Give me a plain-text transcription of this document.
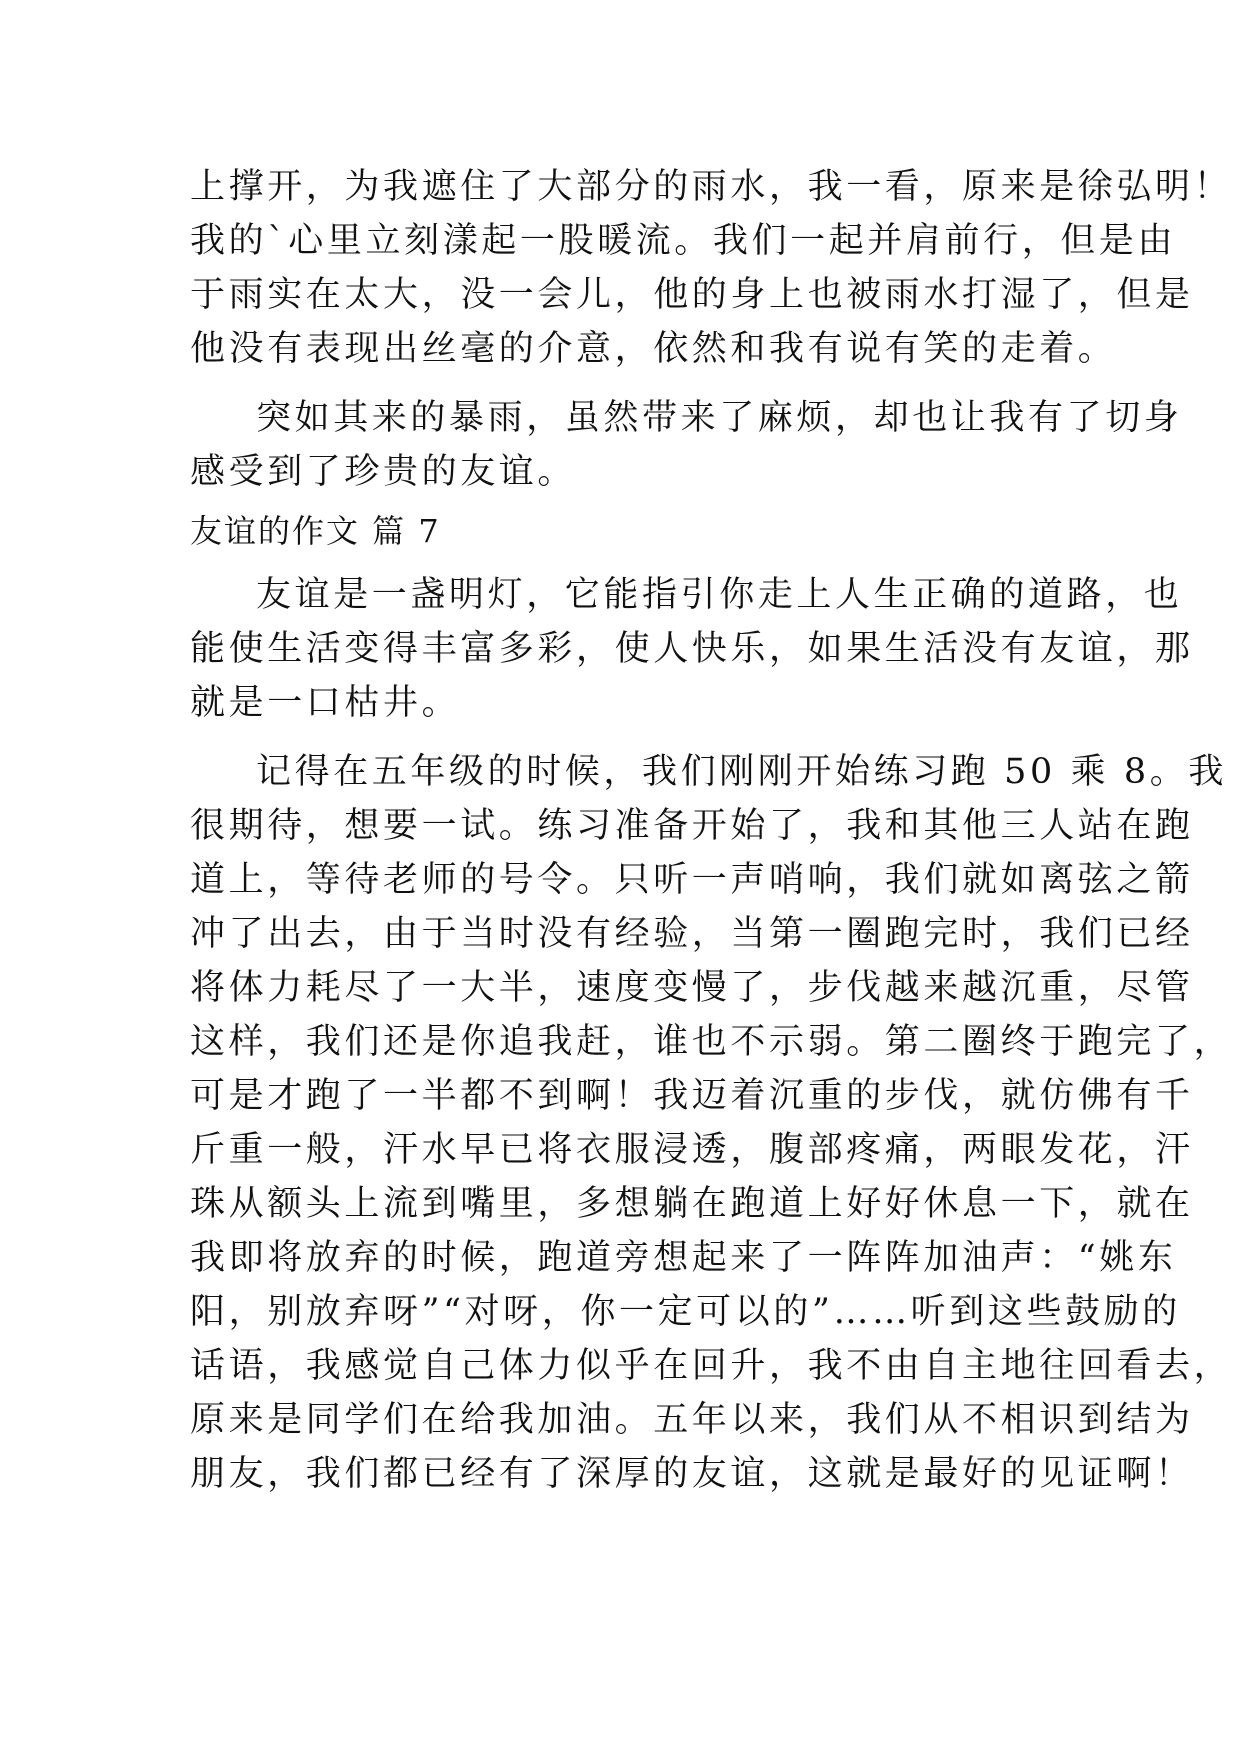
上撑开，为我遮住了大部分的雨水，我一看，原来是徐弘明！
我的`心里立刻漾起一股暖流。我们一起并肩前行，但是由
于雨实在太大，没一会儿，他的身上也被雨水打湿了，但是
他没有表现出丝毫的介意，依然和我有说有笑的走着。
突如其来的暴雨，虽然带来了麻烦，却也让我有了切身
感受到了珍贵的友谊。
友谊的作文 篇 7
友谊是一盏明灯，它能指引你走上人生正确的道路，也
能使生活变得丰富多彩，使人快乐，如果生活没有友谊，那
就是一口枯井。
记得在五年级的时候，我们刚刚开始练习跑 50 乘 8。我
很期待，想要一试。练习准备开始了，我和其他三人站在跑
道上，等待老师的号令。只听一声哨响，我们就如离弦之箭
冲了出去，由于当时没有经验，当第一圈跑完时，我们已经
将体力耗尽了一大半，速度变慢了，步伐越来越沉重，尽管
这样，我们还是你追我赶，谁也不示弱。第二圈终于跑完了，
可是才跑了一半都不到啊！我迈着沉重的步伐，就仿佛有千
斤重一般，汗水早已将衣服浸透，腹部疼痛，两眼发花，汗
珠从额头上流到嘴里，多想躺在跑道上好好休息一下，就在
我即将放弃的时候，跑道旁想起来了一阵阵加油声：“姚东
阳，别放弃呀”“对呀，你一定可以的”……听到这些鼓励的
话语，我感觉自己体力似乎在回升，我不由自主地往回看去，
原来是同学们在给我加油。五年以来，我们从不相识到结为
朋友，我们都已经有了深厚的友谊，这就是最好的见证啊！
